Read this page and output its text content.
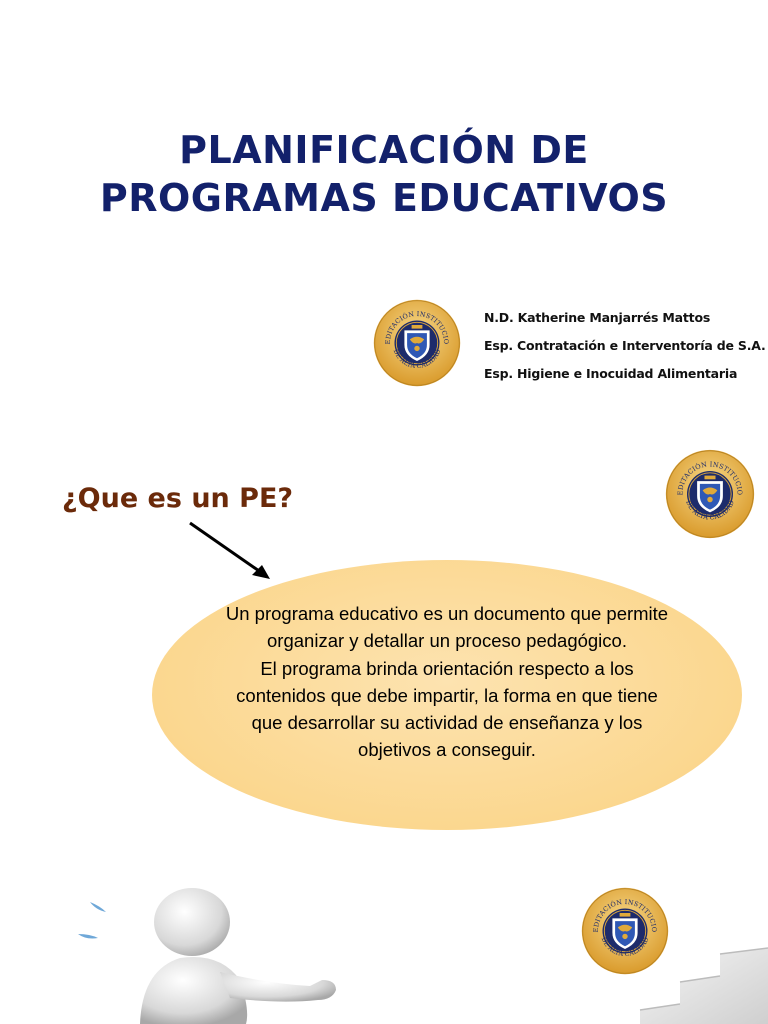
PLANIFICACIÓN DE
PROGRAMAS EDUCATIVOS
N.D. Katherine Manjarrés Mattos
Esp. Contratación e Interventoría de S.A.
Esp. Higiene e Inocuidad Alimentaria
¿Que es un PE?
Un programa educativo es un documento que permite organizar y detallar un proceso pedagógico.
El programa brinda orientación respecto a los contenidos que debe impartir, la forma en que tiene que desarrollar su actividad de enseñanza y los objetivos a conseguir.
